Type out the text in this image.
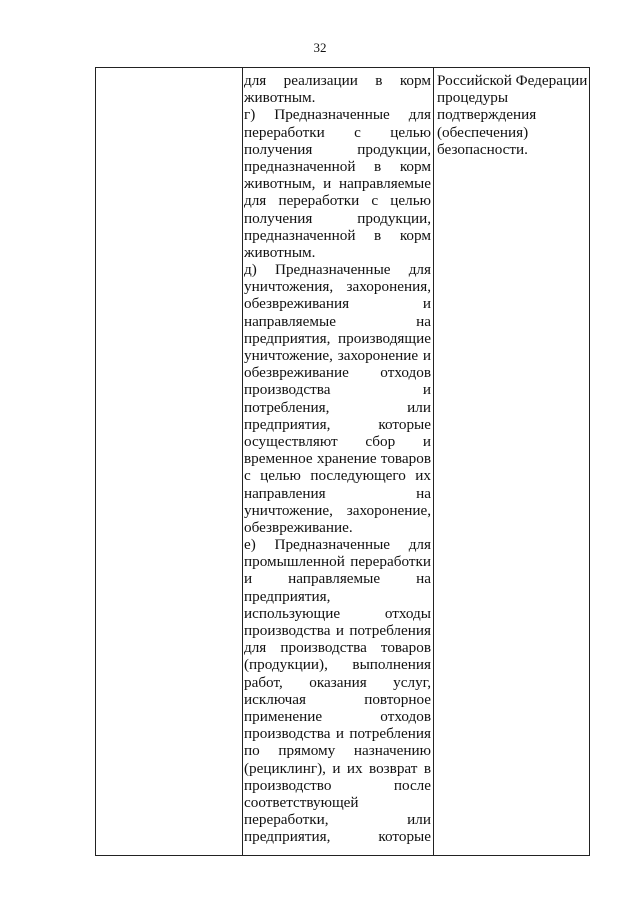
32
для реализации в корм
животным.
г) Предназначенные для
переработки с целью
получения продукции,
предназначенной в корм
животным, и направляемые
для переработки с целью
получения продукции,
предназначенной в корм
животным.
д) Предназначенные для
уничтожения, захоронения,
обезвреживания и
направляемые на
предприятия, производящие
уничтожение, захоронение и
обезвреживание отходов
производства и
потребления, или
предприятия, которые
осуществляют сбор и
временное хранение товаров
с целью последующего их
направления на
уничтожение, захоронение,
обезвреживание.
е) Предназначенные для
промышленной переработки
и направляемые на
предприятия,
использующие отходы
производства и потребления
для производства товаров
(продукции), выполнения
работ, оказания услуг,
исключая повторное
применение отходов
производства и потребления
по прямому назначению
(рециклинг), и их возврат в
производство после
соответствующей
переработки, или
предприятия, которые
Российской Федерации
процедуры
подтверждения
(обеспечения)
безопасности.
